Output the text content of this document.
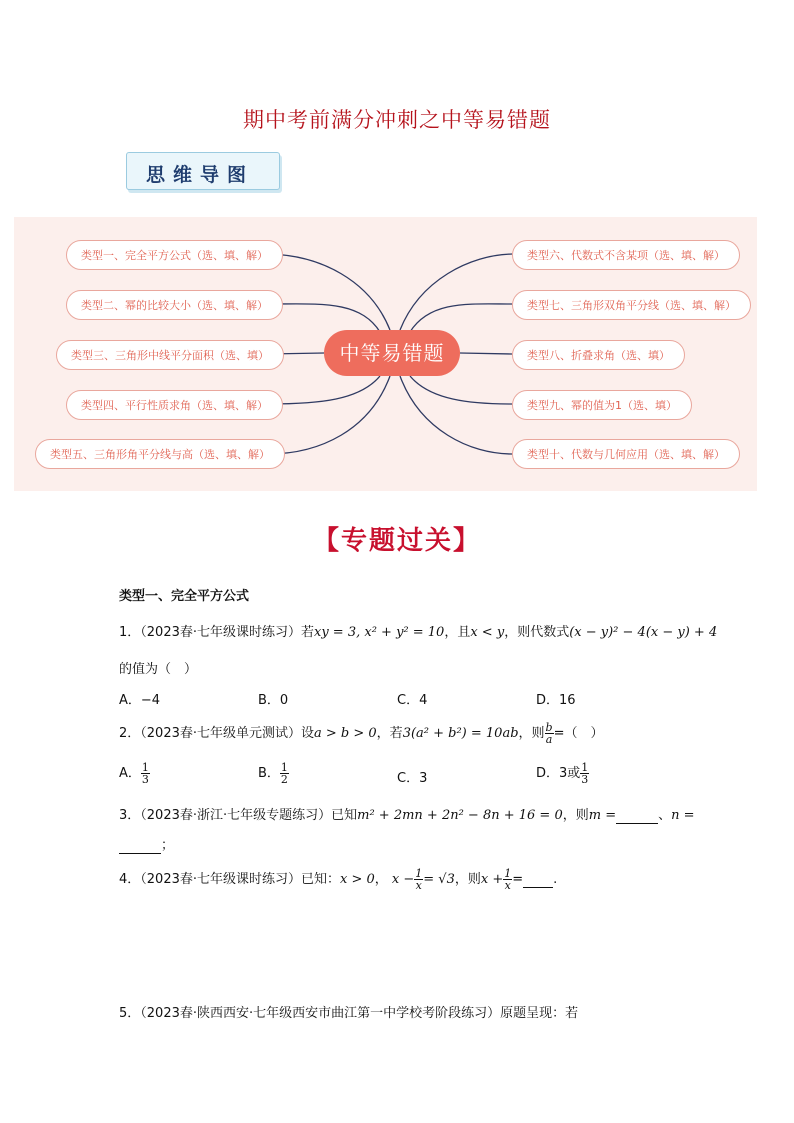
期中考前满分冲刺之中等易错题
思维导图
类型一、完全平方公式（选、填、解）
类型二、幂的比较大小（选、填、解）
类型三、三角形中线平分面积（选、填）
类型四、平行性质求角（选、填、解）
类型五、三角形角平分线与高（选、填、解）
类型六、代数式不含某项（选、填、解）
类型七、三角形双角平分线（选、填、解）
类型八、折叠求角（选、填）
类型九、幂的值为1（选、填）
类型十、代数与几何应用（选、填、解）
中等易错题
【专题过关】
类型一、完全平方公式
1．（2023春·七年级课时练习）若xy = 3, x² + y² = 10，且x < y，则代数式(x − y)² − 4(x − y) + 4
的值为（　）
A．−4	B．0	C．4	D．16
2．（2023春·七年级单元测试）设a > b > 0，若3(a² + b²) = 10ab，则 $\frac{b}{a}$ =（　）
A． $\frac{1}{3}$	B． $\frac{1}{2}$	C．3	D．3或 $\frac{1}{3}$
3．（2023春·浙江·七年级专题练习）已知m² + 2mn + 2n² − 8n + 16 = 0，则m =	、n =
；
4．（2023春·七年级课时练习）已知：x > 0， $x - \frac{1}{x} = √3$，则$x + \frac{1}{x}$ = .
5．（2023春·陕西西安·七年级西安市曲江第一中学校考阶段练习）原题呈现：若
